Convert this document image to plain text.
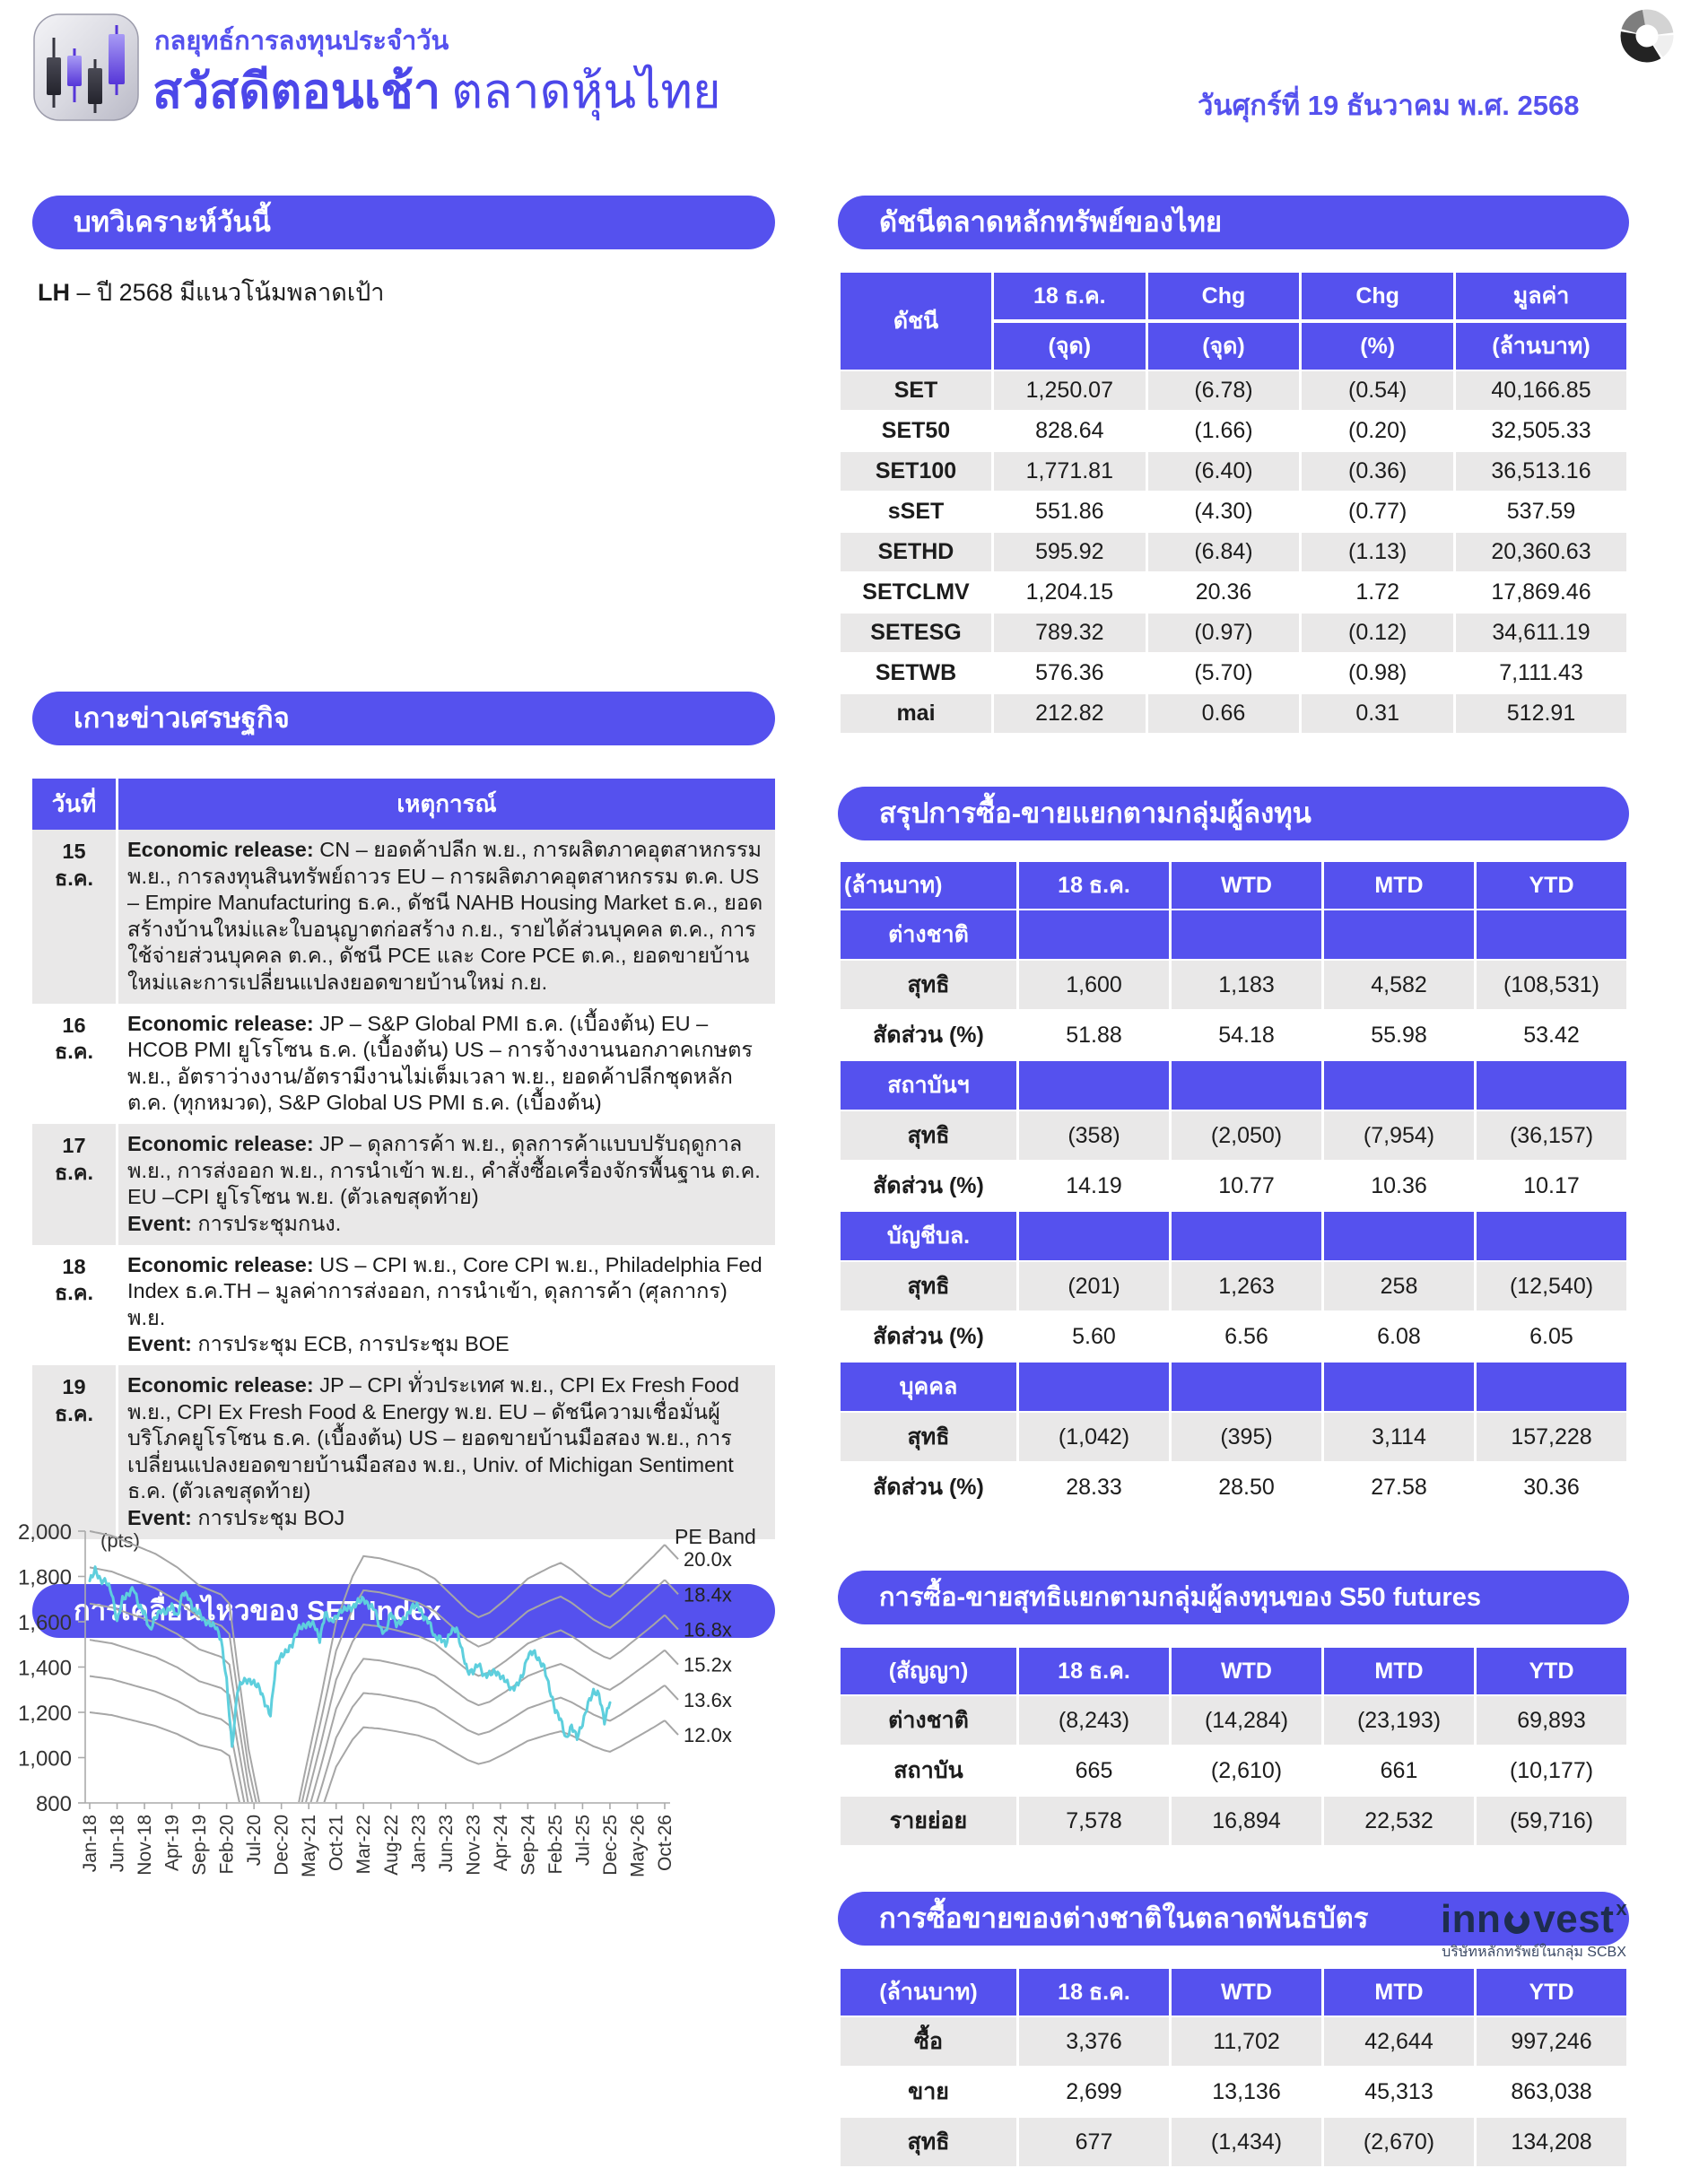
กลยุทธ์การลงทุนประจำวัน
สวัสดีตอนเช้า ตลาดหุ้นไทย	วันศุกร์ที่ 19 ธันวาคม พ.ศ. 2568
บทวิเคราะห์วันนี้
LH – ปี 2568 มีแนวโน้มพลาดเป้า
เกาะข่าวเศรษฐกิจ
วันที่	เหตุการณ์
15 ธ.ค.	Economic release: CN – ยอดค้าปลีก พ.ย., การผลิตภาคอุตสาหกรรม พ.ย., การลงทุนสินทรัพย์ถาวร EU – การผลิตภาคอุตสาหกรรม ต.ค. US – Empire Manufacturing ธ.ค., ดัชนี NAHB Housing Market ธ.ค., ยอดสร้างบ้านใหม่และใบอนุญาตก่อสร้าง ก.ย., รายได้ส่วนบุคคล ต.ค., การใช้จ่ายส่วนบุคคล ต.ค., ดัชนี PCE และ Core PCE ต.ค., ยอดขายบ้านใหม่และการเปลี่ยนแปลงยอดขายบ้านใหม่ ก.ย.

16 ธ.ค.	Economic release: JP – S&P Global PMI ธ.ค. (เบื้องต้น) EU –HCOB PMI ยูโรโซน ธ.ค. (เบื้องต้น) US – การจ้างงานนอกภาคเกษตร พ.ย., อัตราว่างงาน/อัตรามีงานไม่เต็มเวลา พ.ย., ยอดค้าปลีกชุดหลัก ต.ค. (ทุกหมวด), S&P Global US PMI ธ.ค. (เบื้องต้น)

17 ธ.ค.	Economic release: JP – ดุลการค้า พ.ย., ดุลการค้าแบบปรับฤดูกาล พ.ย., การส่งออก พ.ย., การนำเข้า พ.ย., คำสั่งซื้อเครื่องจักรพื้นฐาน ต.ค. EU –CPI ยูโรโซน พ.ย. (ตัวเลขสุดท้าย)
Event: การประชุมกนง.

18 ธ.ค.	Economic release: US – CPI พ.ย., Core CPI พ.ย., Philadelphia Fed Index ธ.ค.TH – มูลค่าการส่งออก, การนำเข้า, ดุลการค้า (ศุลกากร) พ.ย.
Event: การประชุม ECB, การประชุม BOE

19 ธ.ค.	Economic release: JP – CPI ทั่วประเทศ พ.ย., CPI Ex Fresh Food พ.ย., CPI Ex Fresh Food & Energy พ.ย. EU – ดัชนีความเชื่อมั่นผู้บริโภคยูโรโซน ธ.ค. (เบื้องต้น) US – ยอดขายบ้านมือสอง พ.ย., การเปลี่ยนแปลงยอดขายบ้านมือสอง พ.ย., Univ. of Michigan Sentiment ธ.ค. (ตัวเลขสุดท้าย)
Event: การประชุม BOJ
การเคลื่อนไหวของ SET Index
800
1,000
1,200
1,400
1,600
1,800
2,000
Jan-18 Jun-18 Nov-18 Apr-19 Sep-19 Feb-20 Jul-20 Dec-20 May-21 Oct-21 Mar-22 Aug-22 Jan-23 Jun-23 Nov-23 Apr-24 Sep-24 Feb-25 Jul-25 Dec-25 May-26 Oct-26
(pts)	PE Band
20.0x
18.4x
16.8x
15.2x
13.6x
12.0x
ดัชนีตลาดหลักทรัพย์ของไทย
ดัชนี	18 ธ.ค.	Chg	Chg	มูลค่า
	(จุด)	(จุด)	(%)	(ล้านบาท)
SET	1,250.07	(6.78)	(0.54)	40,166.85
SET50	828.64	(1.66)	(0.20)	32,505.33
SET100	1,771.81	(6.40)	(0.36)	36,513.16
sSET	551.86	(4.30)	(0.77)	537.59
SETHD	595.92	(6.84)	(1.13)	20,360.63
SETCLMV	1,204.15	20.36	1.72	17,869.46
SETESG	789.32	(0.97)	(0.12)	34,611.19
SETWB	576.36	(5.70)	(0.98)	7,111.43
mai	212.82	0.66	0.31	512.91
สรุปการซื้อ-ขายแยกตามกลุ่มผู้ลงทุน
(ล้านบาท)	18 ธ.ค.	WTD	MTD	YTD
ต่างชาติ				
สุทธิ	1,600	1,183	4,582	(108,531)
สัดส่วน (%)	51.88	54.18	55.98	53.42
สถาบันฯ				
สุทธิ	(358)	(2,050)	(7,954)	(36,157)
สัดส่วน (%)	14.19	10.77	10.36	10.17
บัญชีบล.				
สุทธิ	(201)	1,263	258	(12,540)
สัดส่วน (%)	5.60	6.56	6.08	6.05
บุคคล				
สุทธิ	(1,042)	(395)	3,114	157,228
สัดส่วน (%)	28.33	28.50	27.58	30.36
การซื้อ-ขายสุทธิแยกตามกลุ่มผู้ลงทุนของ S50 futures
(สัญญา)	18 ธ.ค.	WTD	MTD	YTD
ต่างชาติ	(8,243)	(14,284)	(23,193)	69,893
สถาบัน	665	(2,610)	661	(10,177)
รายย่อย	7,578	16,894	22,532	(59,716)
การซื้อขายของต่างชาติในตลาดพันธบัตร
(ล้านบาท)	18 ธ.ค.	WTD	MTD	YTD
ซื้อ	3,376	11,702	42,644	997,246
ขาย	2,699	13,136	45,313	863,038
สุทธิ	677	(1,434)	(2,670)	134,208
inn vest$^x$
บริษัทหลักทรัพย์ในกลุ่ม SCBX
